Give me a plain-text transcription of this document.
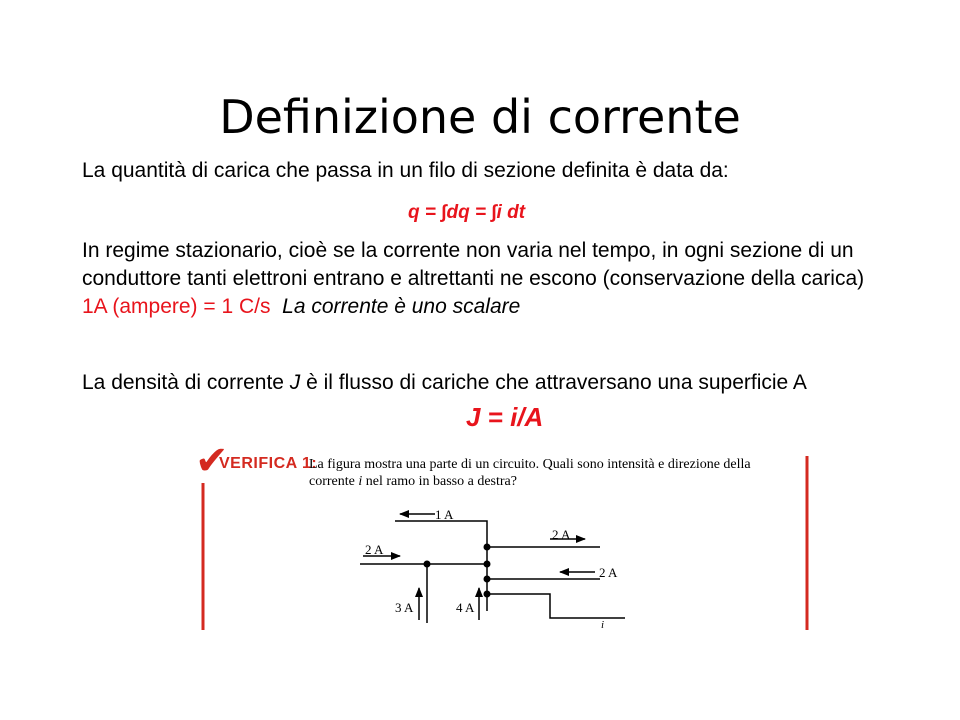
Definizione di corrente
La quantità di carica che passa in un filo di sezione definita è data da:
q = ∫dq = ∫i dt
In regime stazionario, cioè se la corrente non varia nel tempo, in ogni sezione di un conduttore tanti elettroni entrano e altrettanti ne escono (conservazione della carica)   1A (ampere) = 1 C/s La corrente è uno scalare
La densità di corrente J è il flusso di cariche che attraversano una superficie A
J = i/A
✔
VERIFICA 1:
La figura mostra una parte di un circuito. Quali sono intensità e direzione della
corrente i nel ramo in basso a destra?
1 A
2 A
2 A
2 A
3 A	4 A
i
